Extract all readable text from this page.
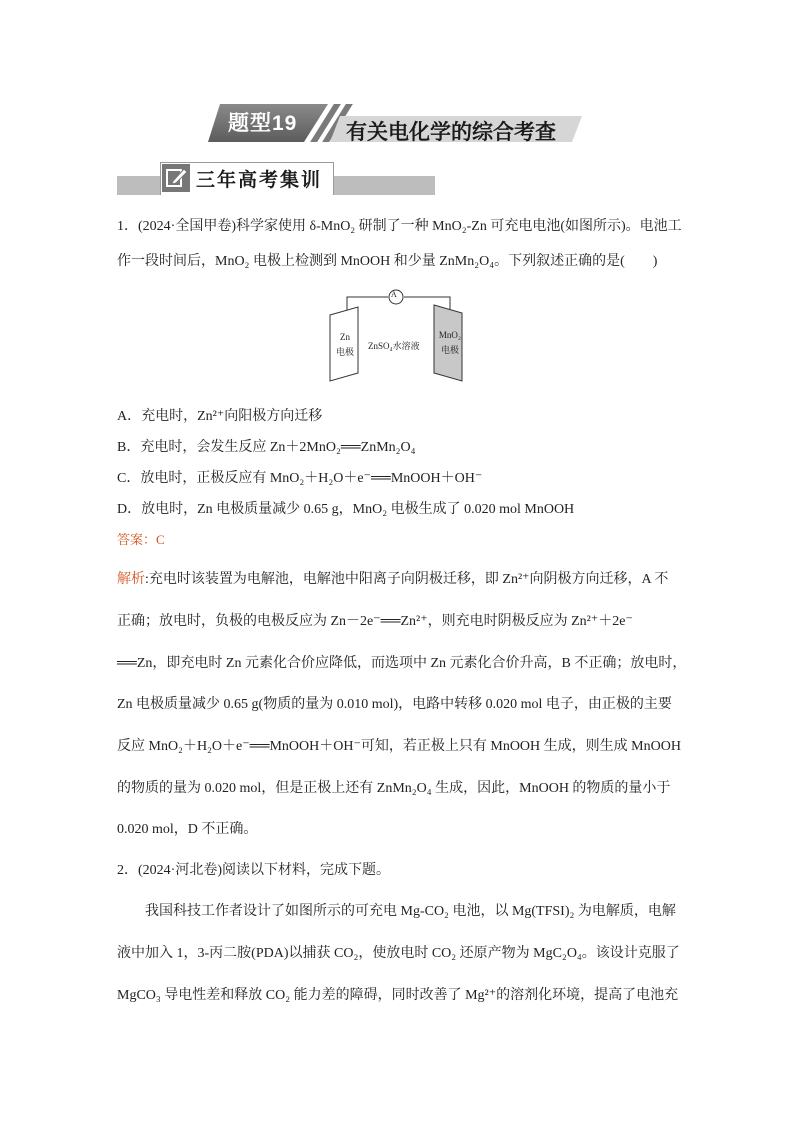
题型19 有关电化学的综合考查
三年高考集训
1．(2024·全国甲卷)科学家使用 δ-MnO₂ 研制了一种 MnO₂-Zn 可充电电池(如图所示)。电池工
作一段时间后，MnO₂ 电极上检测到 MnOOH 和少量 ZnMn₂O₄。下列叙述正确的是(　　)
A
Zn
电极
ZnSO₄水溶液
MnO₂
电极
A．充电时，Zn²⁺向阳极方向迁移
B．充电时，会发生反应 Zn＋2MnO₂══ZnMn₂O₄
C．放电时，正极反应有 MnO₂＋H₂O＋e⁻══MnOOH＋OH⁻
D．放电时，Zn 电极质量减少 0.65 g，MnO₂ 电极生成了 0.020 mol MnOOH
答案：C
解析:充电时该装置为电解池，电解池中阳离子向阴极迁移，即 Zn²⁺向阴极方向迁移，A 不
正确；放电时，负极的电极反应为 Zn－2e⁻══Zn²⁺，则充电时阴极反应为 Zn²⁺＋2e⁻
══Zn，即充电时 Zn 元素化合价应降低，而选项中 Zn 元素化合价升高，B 不正确；放电时，
Zn 电极质量减少 0.65 g(物质的量为 0.010 mol)，电路中转移 0.020 mol 电子，由正极的主要
反应 MnO₂＋H₂O＋e⁻══MnOOH＋OH⁻可知，若正极上只有 MnOOH 生成，则生成 MnOOH
的物质的量为 0.020 mol，但是正极上还有 ZnMn₂O₄ 生成，因此，MnOOH 的物质的量小于
0.020 mol，D 不正确。
2．(2024·河北卷)阅读以下材料，完成下题。
我国科技工作者设计了如图所示的可充电 Mg-CO₂ 电池，以 Mg(TFSI)₂ 为电解质，电解
液中加入 1，3-丙二胺(PDA)以捕获 CO₂，使放电时 CO₂ 还原产物为 MgC₂O₄。该设计克服了
MgCO₃ 导电性差和释放 CO₂ 能力差的障碍，同时改善了 Mg²⁺的溶剂化环境，提高了电池充
